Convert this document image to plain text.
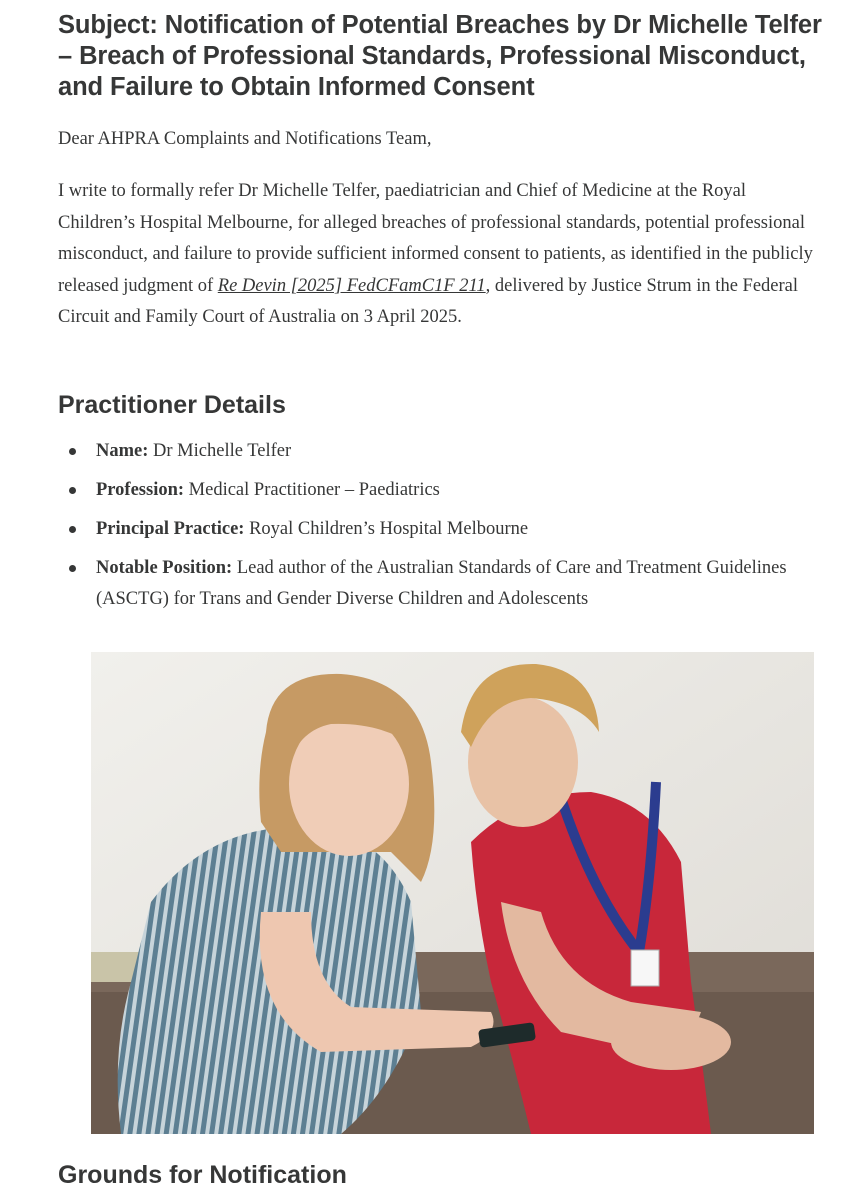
Subject: Notification of Potential Breaches by Dr Michelle Telfer – Breach of Professional Standards, Professional Misconduct, and Failure to Obtain Informed Consent

Dear AHPRA Complaints and Notifications Team,

I write to formally refer Dr Michelle Telfer, paediatrician and Chief of Medicine at the Royal Children’s Hospital Melbourne, for alleged breaches of professional standards, potential professional misconduct, and failure to provide sufficient informed consent to patients, as identified in the publicly released judgment of Re Devin [2025] FedCFamC1F 211, delivered by Justice Strum in the Federal Circuit and Family Court of Australia on 3 April 2025.

Practitioner Details
Name: Dr Michelle Telfer
Profession: Medical Practitioner – Paediatrics
Principal Practice: Royal Children’s Hospital Melbourne
Notable Position: Lead author of the Australian Standards of Care and Treatment Guidelines (ASCTG) for Trans and Gender Diverse Children and Adolescents
Grounds for Notification
